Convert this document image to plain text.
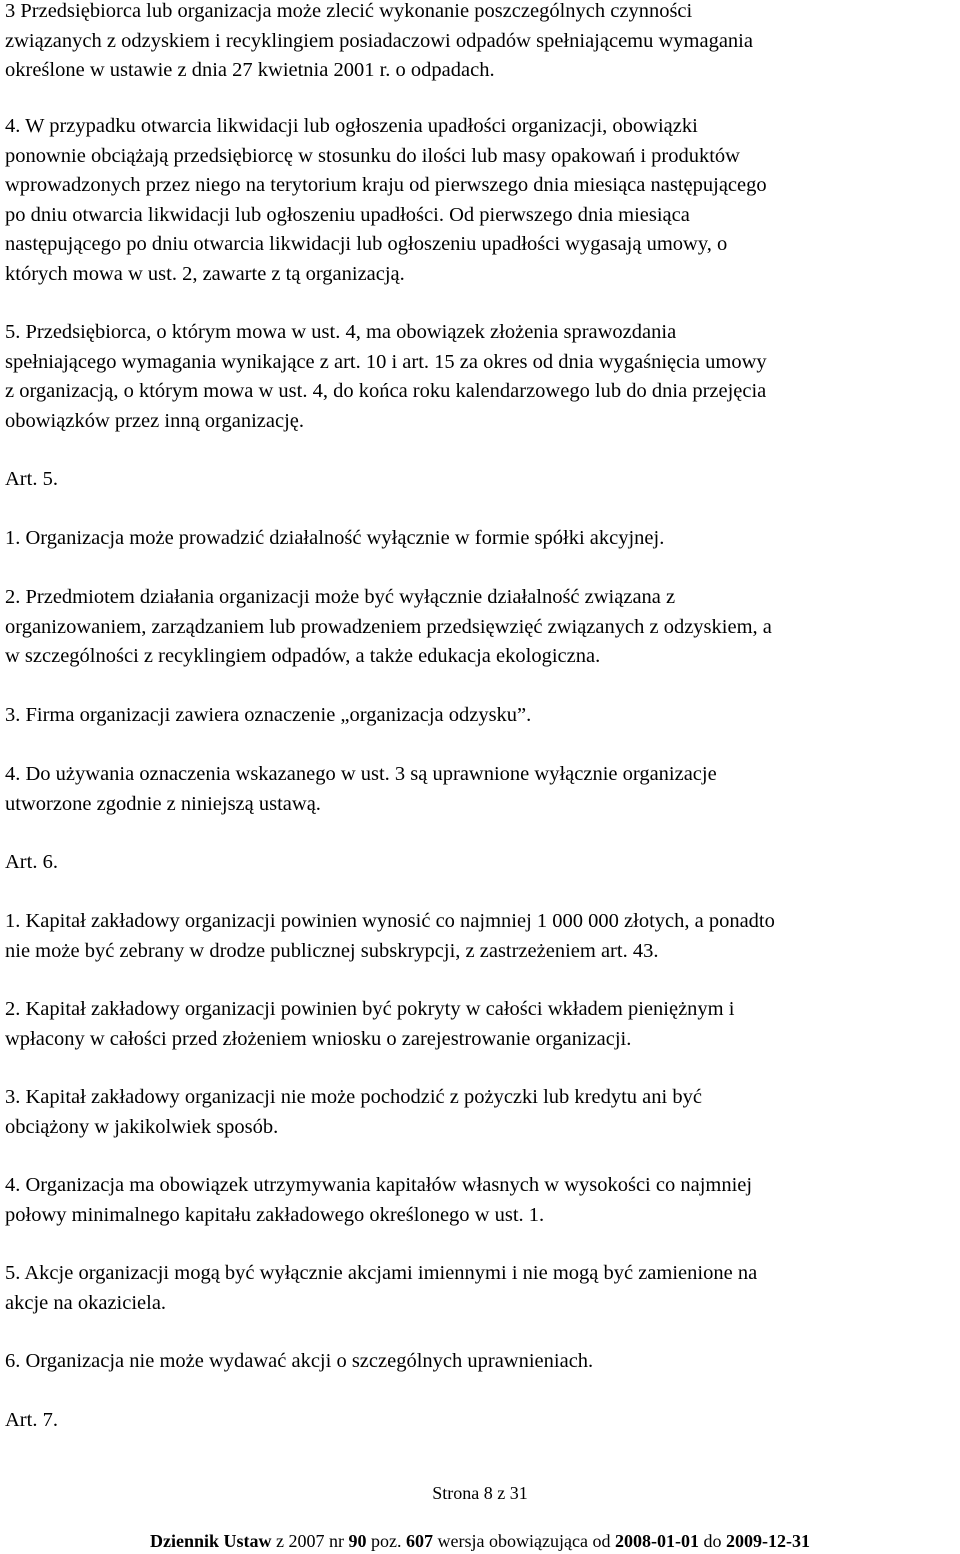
3 Przedsiębiorca lub organizacja może zlecić wykonanie poszczególnych czynności
związanych z odzyskiem i recyklingiem posiadaczowi odpadów spełniającemu wymagania
określone w ustawie z dnia 27 kwietnia 2001 r. o odpadach.

4. W przypadku otwarcia likwidacji lub ogłoszenia upadłości organizacji, obowiązki
ponownie obciążają przedsiębiorcę w stosunku do ilości lub masy opakowań i produktów
wprowadzonych przez niego na terytorium kraju od pierwszego dnia miesiąca następującego
po dniu otwarcia likwidacji lub ogłoszeniu upadłości. Od pierwszego dnia miesiąca
następującego po dniu otwarcia likwidacji lub ogłoszeniu upadłości wygasają umowy, o
których mowa w ust. 2, zawarte z tą organizacją.

5. Przedsiębiorca, o którym mowa w ust. 4, ma obowiązek złożenia sprawozdania
spełniającego wymagania wynikające z art. 10 i art. 15 za okres od dnia wygaśnięcia umowy
z organizacją, o którym mowa w ust. 4, do końca roku kalendarzowego lub do dnia przejęcia
obowiązków przez inną organizację.

Art. 5.

1. Organizacja może prowadzić działalność wyłącznie w formie spółki akcyjnej.

2. Przedmiotem działania organizacji może być wyłącznie działalność związana z
organizowaniem, zarządzaniem lub prowadzeniem przedsięwzięć związanych z odzyskiem, a
w szczególności z recyklingiem odpadów, a także edukacja ekologiczna.

3. Firma organizacji zawiera oznaczenie „organizacja odzysku”.

4. Do używania oznaczenia wskazanego w ust. 3 są uprawnione wyłącznie organizacje
utworzone zgodnie z niniejszą ustawą.

Art. 6.

1. Kapitał zakładowy organizacji powinien wynosić co najmniej 1 000 000 złotych, a ponadto
nie może być zebrany w drodze publicznej subskrypcji, z zastrzeżeniem art. 43.

2. Kapitał zakładowy organizacji powinien być pokryty w całości wkładem pieniężnym i
wpłacony w całości przed złożeniem wniosku o zarejestrowanie organizacji.

3. Kapitał zakładowy organizacji nie może pochodzić z pożyczki lub kredytu ani być
obciążony w jakikolwiek sposób.

4. Organizacja ma obowiązek utrzymywania kapitałów własnych w wysokości co najmniej
połowy minimalnego kapitału zakładowego określonego w ust. 1.

5. Akcje organizacji mogą być wyłącznie akcjami imiennymi i nie mogą być zamienione na
akcje na okaziciela.

6. Organizacja nie może wydawać akcji o szczególnych uprawnieniach.

Art. 7.

Strona 8 z 31
Dziennik Ustaw z 2007 nr 90 poz. 607 wersja obowiązująca od 2008-01-01 do 2009-12-31
